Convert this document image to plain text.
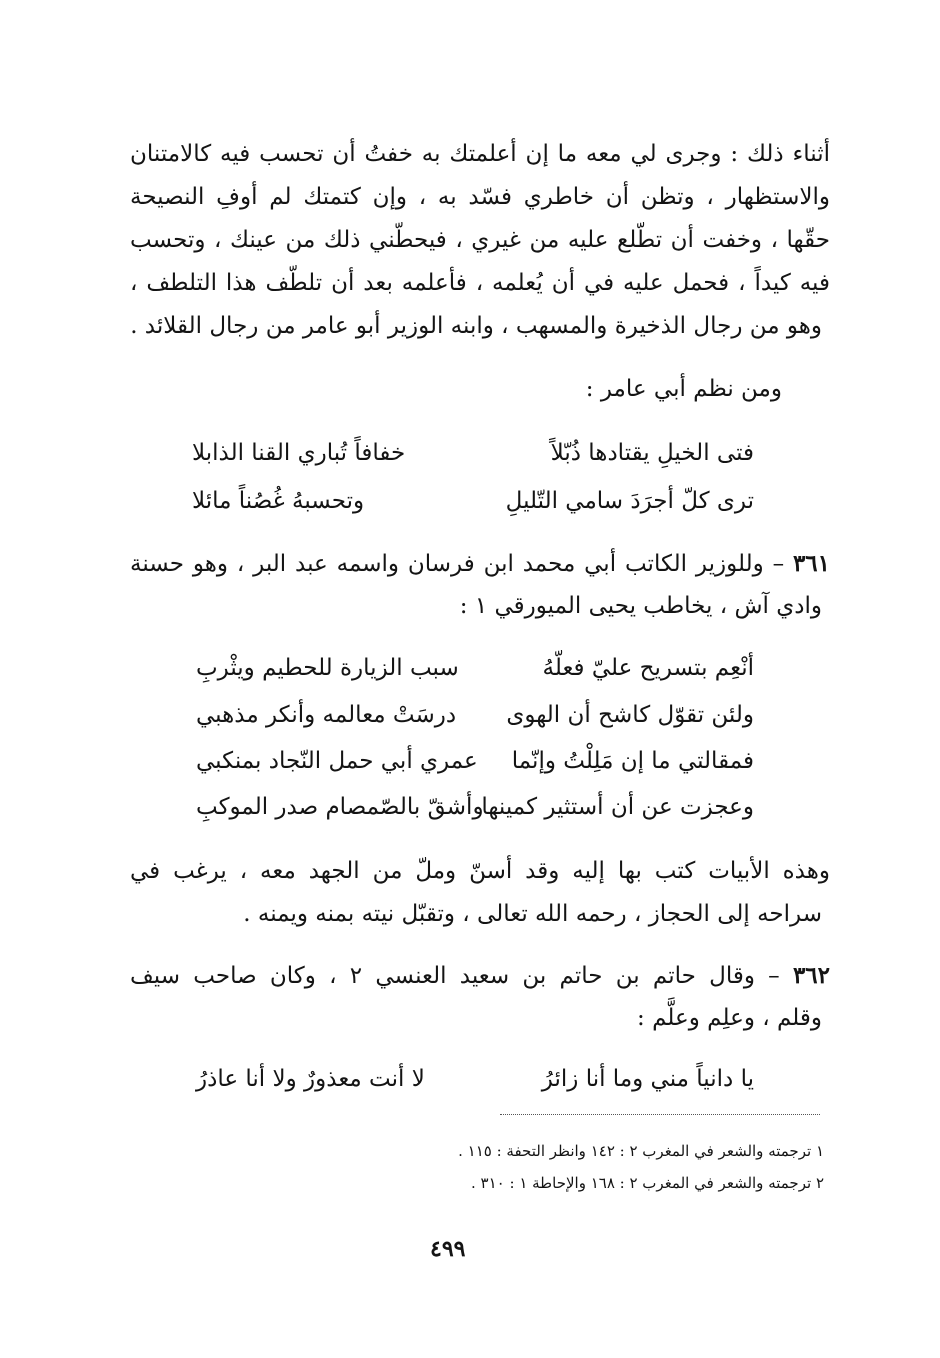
أثناء ذلك : وجرى لي معه ما إن أعلمتك به خفتُ أن تحسب فيه كالامتنان
والاستظهار ، وتظن أن خاطري فسّد به ، وإن كتمتك لم أوفِ النصيحة
حقّها ، وخفت أن تطّلع عليه من غيري ، فيحطّني ذلك من عينك ، وتحسب
فيه كيداً ، فحمل عليه في أن يُعلمه ، فأعلمه بعد أن تلطّف هذا التلطف ،
وهو من رجال الذخيرة والمسهب ، وابنه الوزير أبو عامر من رجال القلائد .
ومن نظم أبي عامر :
فتى الخيلِ يقتادها ذُبّلاً
خفافاً تُباري القنا الذابلا
ترى كلّ أجرَدَ سامي التّليلِ
وتحسبهُ غُصُناً مائلا
٣٦١ – وللوزير الكاتب أبي محمد ابن فرسان واسمه عبد البر ، وهو حسنة
وادي آش ، يخاطب يحيى الميورقي ١ :
أنْعِم بتسريح عليّ فعلّهُ
سبب الزيارة للحطيم ويثْربِ
ولئن تقوّل كاشح أن الهوى
درسَتْ معالمه وأنكر مذهبي
فمقالتي ما إن مَلِلْتُ وإنّما
عمري أبي حمل النّجاد بمنكبي
وعجزت عن أن أستثير كمينها
وأشقّ بالصّمصام صدر الموكبِ
وهذه الأبيات كتب بها إليه وقد أسنّ وملّ من الجهد معه ، يرغب في
سراحه إلى الحجاز ، رحمه الله تعالى ، وتقبّل نيته بمنه ويمنه .
٣٦٢ – وقال حاتم بن حاتم بن سعيد العنسي ٢ ، وكان صاحب سيف
وقلم ، وعلِم وعلَّم :
يا دانياً مني وما أنا زائرُ
لا أنت معذورٌ ولا أنا عاذرُ
١ ترجمته والشعر في المغرب ٢ : ١٤٢ وانظر التحفة : ١١٥ .
٢ ترجمته والشعر في المغرب ٢ : ١٦٨ والإحاطة ١ : ٣١٠ .
٤٩٩
